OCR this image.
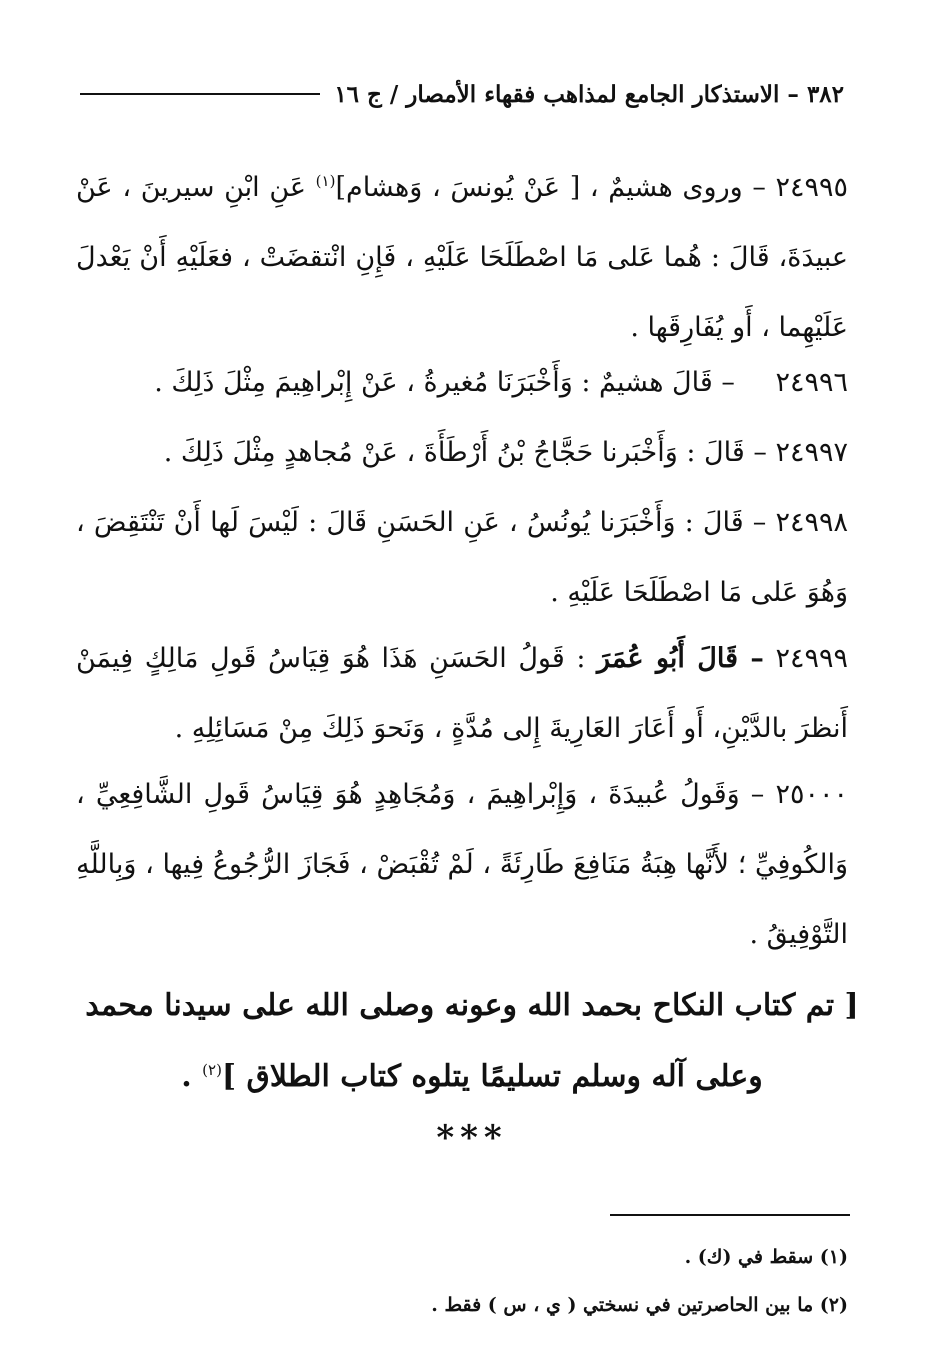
٣٨٢ – الاستذكار الجامع لمذاهب فقهاء الأمصار / ج ١٦
٢٤٩٩٥ – وروى هشيمٌ ، [ عَنْ يُونسَ ، وَهشام]$^{(١)}$ عَنِ ابْنِ سيرينَ ، عَنْ عبيدَةَ، قَالَ : هُما عَلى مَا اصْطَلَحَا عَلَيْهِ ، فَإِنِ انْتقضَتْ ، فعَلَيْهِ أَنْ يَعْدلَ عَلَيْهِما ، أَو يُفَارِقَها .
٢٤٩٩٦ – قَالَ هشيمٌ : وَأَخْبَرَنَا مُغيرةُ ، عَنْ إِبْراهِيمَ مِثْلَ ذَلِكَ .
٢٤٩٩٧ – قَالَ : وَأَخْبَرنا حَجَّاجُ بْنُ أَرْطَأَةَ ، عَنْ مُجاهدٍ مِثْلَ ذَلِكَ .
٢٤٩٩٨ – قَالَ : وَأَخْبَرَنا يُونُسُ ، عَنِ الحَسَنِ قَالَ : لَيْسَ لَها أَنْ تَنْتَقِضَ ، وَهُوَ عَلى مَا اصْطَلَحَا عَلَيْهِ .
٢٤٩٩٩ – قَالَ أَبُو عُمَرَ : قَولُ الحَسَنِ هَذَا هُوَ قِيَاسُ قَولِ مَالِكٍ فِيمَنْ أَنظرَ بالدَّيْنِ، أَو أَعَارَ العَارِيةَ إِلى مُدَّةٍ ، وَنَحوَ ذَلِكَ مِنْ مَسَائِلِهِ .
٢٥٠٠٠ – وَقَولُ عُبيدَةَ ، وَإِبْراهِيمَ ، وَمُجَاهِدٍ هُوَ قِيَاسُ قَولِ الشَّافِعِيِّ ، وَالكُوفِيِّ ؛ لأَنَّها هِبَةُ مَنَافِعَ طَارِئَةً ، لَمْ تُقْبَضْ ، فَجَازَ الرُّجُوعُ فِيها ، وَبِاللَّهِ التَّوْفِيقُ .
[ تم كتاب النكاح بحمد الله وعونه وصلى الله على سيدنا محمد وعلى آله وسلم تسليمًا يتلوه كتاب الطلاق ]$^{(٢)}$ .
***
(١) سقط في (ك) .
(٢) ما بين الحاصرتين في نسختي ( ي ، س ) فقط .
